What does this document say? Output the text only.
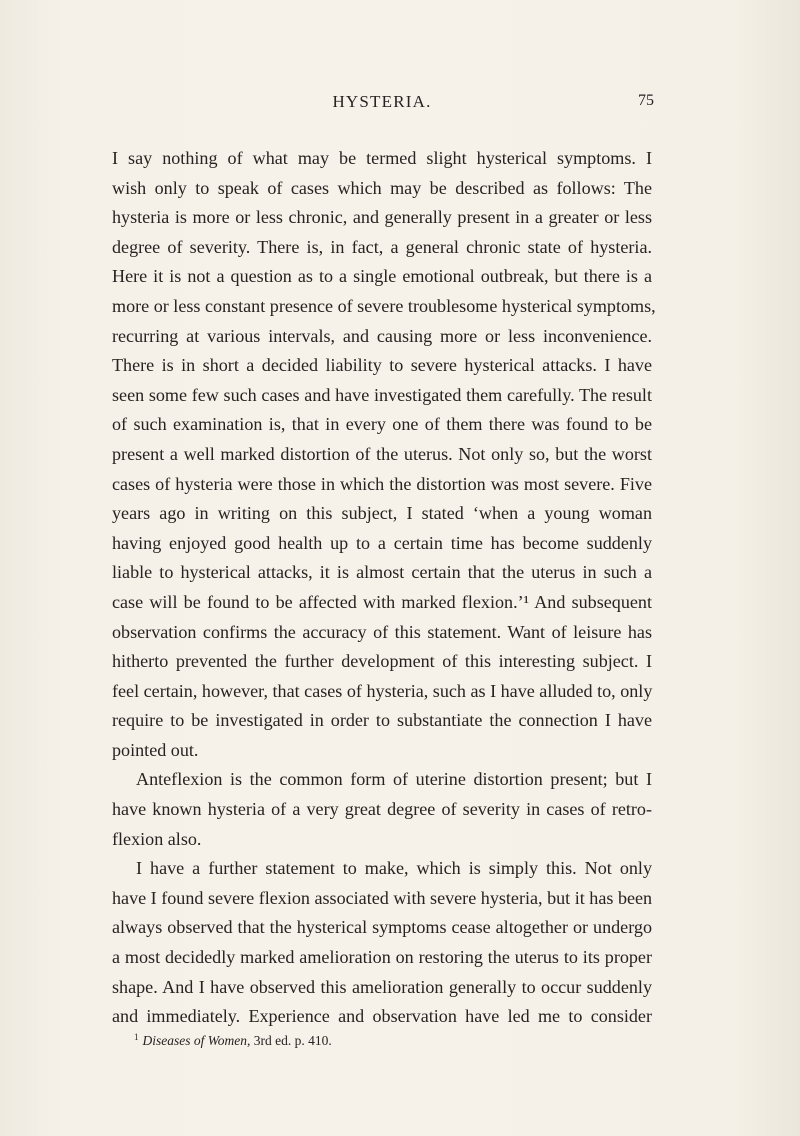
HYSTERIA.	75
I say nothing of what may be termed slight hysterical symptoms. I
wish only to speak of cases which may be described as follows: The
hysteria is more or less chronic, and generally present in a greater or less
degree of severity. There is, in fact, a general chronic state of hysteria.
Here it is not a question as to a single emotional outbreak, but there is a
more or less constant presence of severe troublesome hysterical symptoms,
recurring at various intervals, and causing more or less inconvenience.
There is in short a decided liability to severe hysterical attacks. I have
seen some few such cases and have investigated them carefully. The result
of such examination is, that in every one of them there was found to be
present a well marked distortion of the uterus. Not only so, but the worst
cases of hysteria were those in which the distortion was most severe. Five
years ago in writing on this subject, I stated ‘when a young woman
having enjoyed good health up to a certain time has become suddenly
liable to hysterical attacks, it is almost certain that the uterus in such a
case will be found to be affected with marked flexion.’¹ And subsequent
observation confirms the accuracy of this statement. Want of leisure has
hitherto prevented the further development of this interesting subject. I
feel certain, however, that cases of hysteria, such as I have alluded to, only
require to be investigated in order to substantiate the connection I have
pointed out.
Anteflexion is the common form of uterine distortion present; but I
have known hysteria of a very great degree of severity in cases of retro-
flexion also.
I have a further statement to make, which is simply this. Not only
have I found severe flexion associated with severe hysteria, but it has been
always observed that the hysterical symptoms cease altogether or undergo
a most decidedly marked amelioration on restoring the uterus to its proper
shape. And I have observed this amelioration generally to occur suddenly
and immediately. Experience and observation have led me to consider
$^1$ Diseases of Women, 3rd ed. p. 410.
